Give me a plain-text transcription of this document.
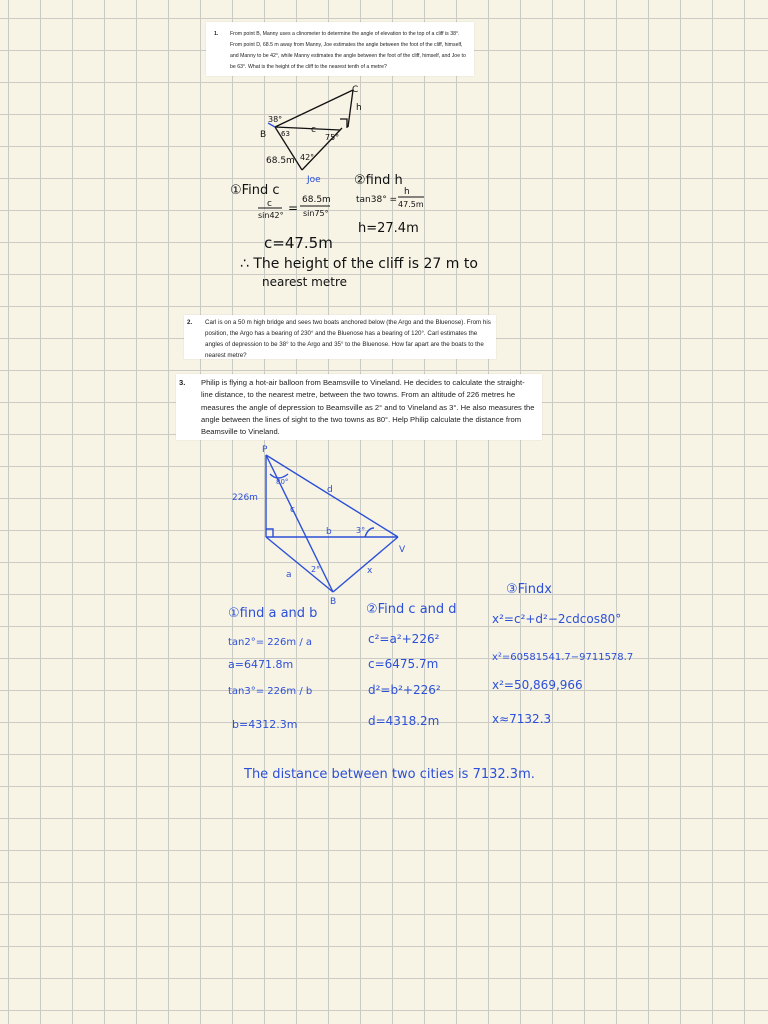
1. From point B, Manny uses a clinometer to determine the angle of elevation to the top of a cliff is 38°. From point D, 68.5 m away from Manny, Joe estimates the angle between the foot of the cliff, himself, and Manny to be 42°, while Manny estimates the angle between the foot of the cliff, himself, and Joe to be 63°. What is the height of the cliff to the nearest tenth of a metre?
2. Carl is on a 50 m high bridge and sees two boats anchored below (the Argo and the Bluenose). From his position, the Argo has a bearing of 230° and the Bluenose has a bearing of 120°. Carl estimates the angles of depression to be 38° to the Argo and 35° to the Bluenose. How far apart are the boats to the nearest metre?
3. Philip is flying a hot-air balloon from Beamsville to Vineland. He decides to calculate the straight-line distance, to the nearest metre, between the two towns. From an altitude of 226 metres he measures the angle of depression to Beamsville as 2° and to Vineland as 3°. He also measures the angle between the lines of sight to the two towns as 80°. Help Philip calculate the distance from Beamsville to Vineland.
C
h
38°
63
B	c
75°
68.5m 42°
Joe
①Find c
c
sin42°
=
68.5m
sin75°
c=47.5m
②find h
tan38° =
h
47.5m
h=27.4m
∴ The height of the cliff is 27 m to
nearest metre
P
226m
80°
d
c
b	3°
V
a
2°	x
B
①find a and b
tan2°= 226m / a
a=6471.8m
tan3°= 226m / b
b=4312.3m
②Find c and d
c²=a²+226²
c=6475.7m
d²=b²+226²
d=4318.2m
③Findx
x²=c²+d²−2cdcos80°
x²=60581541.7−9711578.7
x²=50,869,966
x≈7132.3
The distance between two cities is 7132.3m.
